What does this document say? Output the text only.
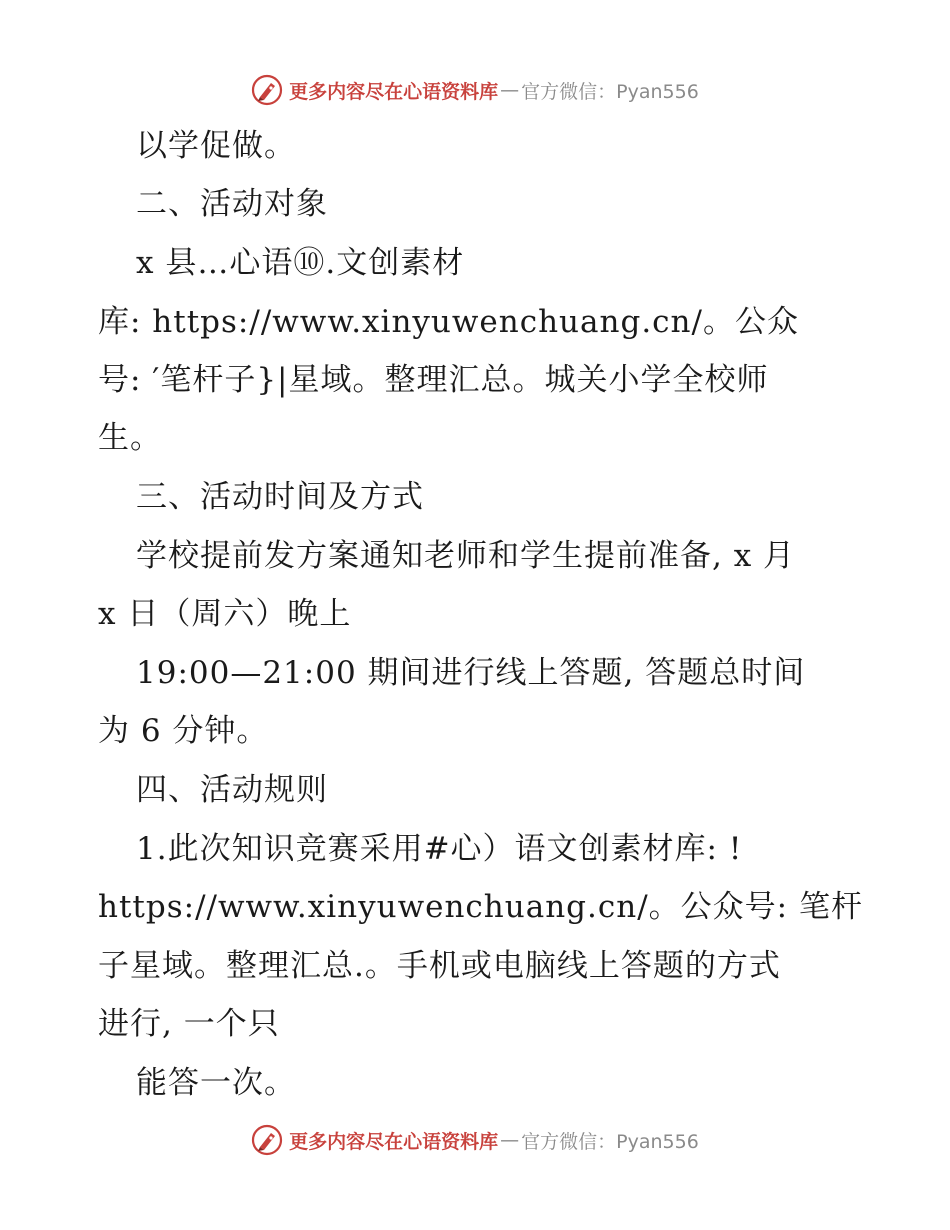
更多内容尽在心语资料库 — 官方微信：Pyan556
以学促做。
二、活动对象
x 县…心语⑩.文创素材
库: https://www.xinyuwenchuang.cn/。公众
号: ′笔杆子}|星域。整理汇总。城关小学全校师
生。
三、活动时间及方式
学校提前发方案通知老师和学生提前准备, x 月
x 日（周六）晚上
19:00—21:00 期间进行线上答题, 答题总时间
为 6 分钟。
四、活动规则
1.此次知识竞赛采用#心）语文创素材库: !
https://www.xinyuwenchuang.cn/。公众号: 笔杆
子星域。整理汇总.。手机或电脑线上答题的方式
进行, 一个只
能答一次。
更多内容尽在心语资料库 — 官方微信：Pyan556
